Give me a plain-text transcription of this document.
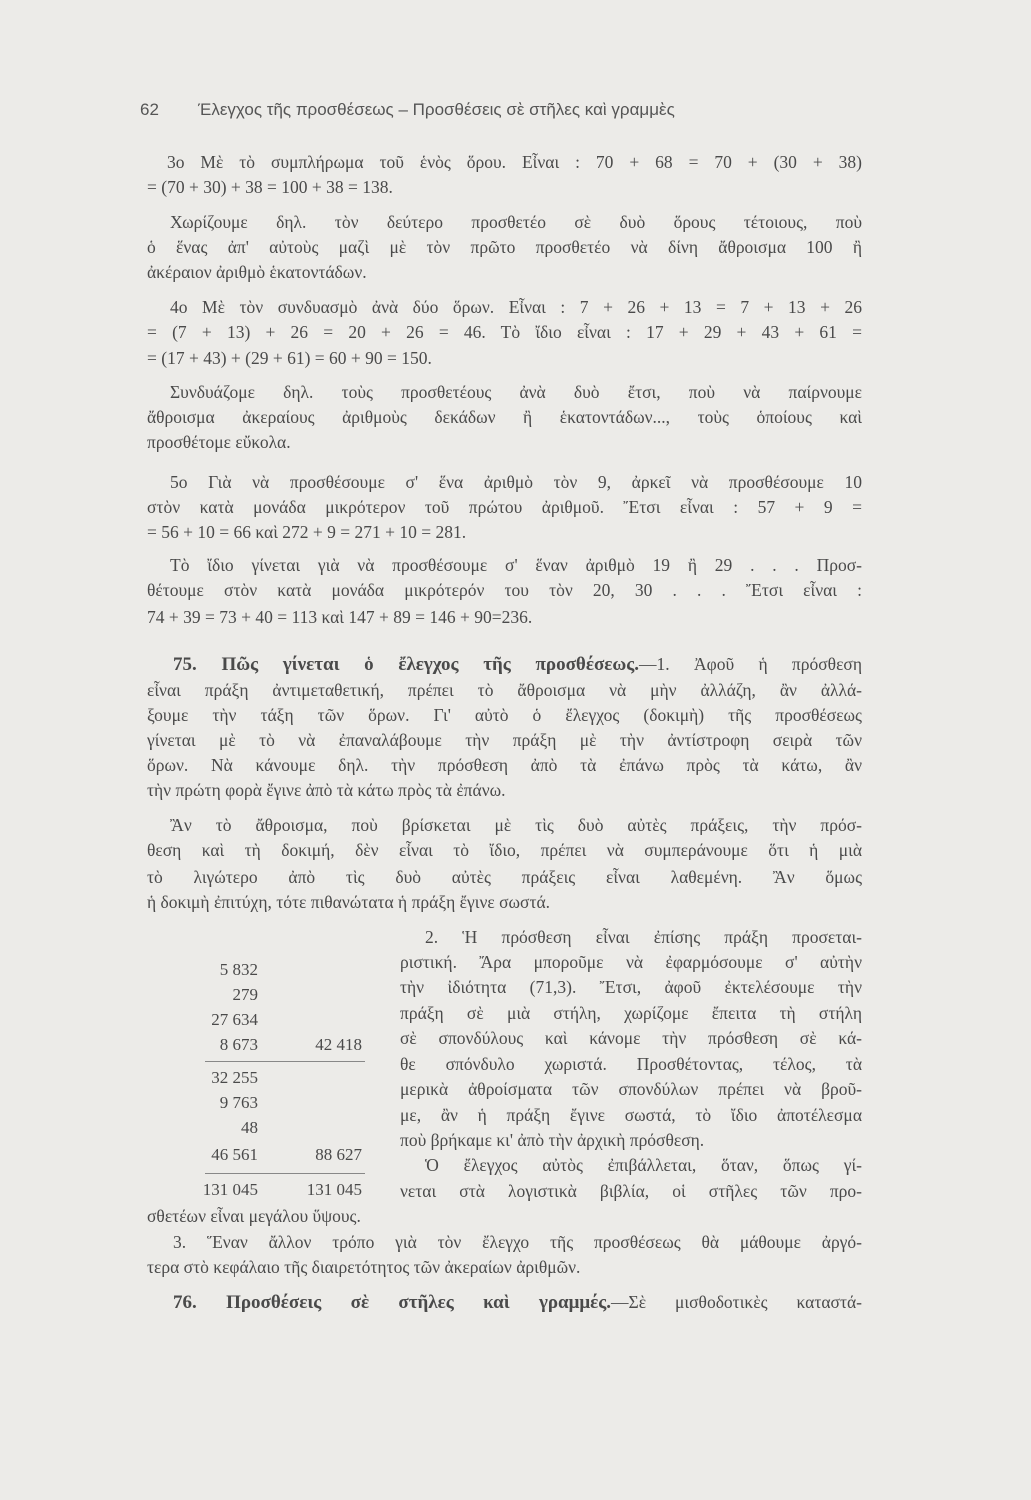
62 Έλεγχος τῆς προσθέσεως – Προσθέσεις σὲ στῆλες καὶ γραμμὲς
75. Πῶς γίνεται ὁ ἔλεγχος τῆς προσθέσεως.—1. Ἀφοῦ ἡ πρόσθεση
76. Προσθέσεις σὲ στῆλες καὶ γραμμές.—Σὲ μισθοδοτικὲς καταστά-
3ο Μὲ τὸ συμπλήρωμα τοῦ ἑνὸς ὅρου. Εἶναι : 70 + 68 = 70 + (30 + 38)
= (70 + 30) + 38 = 100 + 38 = 138.
Χωρίζουμε δηλ. τὸν δεύτερο προσθετέο σὲ δυὸ ὅρους τέτοιους, ποὺ
ὁ ἕνας ἀπ' αὐτοὺς μαζὶ μὲ τὸν πρῶτο προσθετέο νὰ δίνη ἄθροισμα 100 ἢ
ἀκέραιον ἀριθμὸ ἑκατοντάδων.
4ο Μὲ τὸν συνδυασμὸ ἀνὰ δύο ὅρων. Εἶναι : 7 + 26 + 13 = 7 + 13 + 26
= (7 + 13) + 26 = 20 + 26 = 46. Τὸ ἴδιο εἶναι : 17 + 29 + 43 + 61 =
= (17 + 43) + (29 + 61) = 60 + 90 = 150.
Συνδυάζομε δηλ. τοὺς προσθετέους ἀνὰ δυὸ ἔτσι, ποὺ νὰ παίρνουμε
ἄθροισμα ἀκεραίους ἀριθμοὺς δεκάδων ἢ ἑκατοντάδων..., τοὺς ὁποίους καὶ
προσθέτομε εὔκολα.
5ο Γιὰ νὰ προσθέσουμε σ' ἕνα ἀριθμὸ τὸν 9, ἀρκεῖ νὰ προσθέσουμε 10
στὸν κατὰ μονάδα μικρότερον τοῦ πρώτου ἀριθμοῦ. Ἔτσι εἶναι : 57 + 9 =
= 56 + 10 = 66 καὶ 272 + 9 = 271 + 10 = 281.
Τὸ ἴδιο γίνεται γιὰ νὰ προσθέσουμε σ' ἕναν ἀριθμὸ 19 ἢ 29 . . . Προσ-
θέτουμε στὸν κατὰ μονάδα μικρότερόν του τὸν 20, 30 . . . Ἔτσι εἶναι :
74 + 39 = 73 + 40 = 113 καὶ 147 + 89 = 146 + 90=236.
εἶναι πράξη ἀντιμεταθετική, πρέπει τὸ ἄθροισμα νὰ μὴν ἀλλάζη, ἂν ἀλλά-
ξουμε τὴν τάξη τῶν ὅρων. Γι' αὐτὸ ὁ ἔλεγχος (δοκιμὴ) τῆς προσθέσεως
γίνεται μὲ τὸ νὰ ἐπαναλάβουμε τὴν πράξη μὲ τὴν ἀντίστροφη σειρὰ τῶν
ὅρων. Νὰ κάνουμε δηλ. τὴν πρόσθεση ἀπὸ τὰ ἐπάνω πρὸς τὰ κάτω, ἂν
τὴν πρώτη φορὰ ἔγινε ἀπὸ τὰ κάτω πρὸς τὰ ἐπάνω.
Ἂν τὸ ἄθροισμα, ποὺ βρίσκεται μὲ τὶς δυὸ αὐτὲς πράξεις, τὴν πρόσ-
θεση καὶ τὴ δοκιμή, δὲν εἶναι τὸ ἴδιο, πρέπει νὰ συμπεράνουμε ὅτι ἡ μιὰ
τὸ λιγώτερο ἀπὸ τὶς δυὸ αὐτὲς πράξεις εἶναι λαθεμένη. Ἂν ὅμως
ἡ δοκιμὴ ἐπιτύχη, τότε πιθανώτατα ἡ πράξη ἔγινε σωστά.
2. Ἡ πρόσθεση εἶναι ἐπίσης πράξη προσεται-
ριστική. Ἄρα μποροῦμε νὰ ἐφαρμόσουμε σ' αὐτὴν
τὴν ἰδιότητα (71,3). Ἔτσι, ἀφοῦ ἐκτελέσουμε τὴν
πράξη σὲ μιὰ στήλη, χωρίζομε ἔπειτα τὴ στήλη
σὲ σπονδύλους καὶ κάνομε τὴν πρόσθεση σὲ κά-
θε σπόνδυλο χωριστά. Προσθέτοντας, τέλος, τὰ
μερικὰ ἀθροίσματα τῶν σπονδύλων πρέπει νὰ βροῦ-
με, ἂν ἡ πράξη ἔγινε σωστά, τὸ ἴδιο ἀποτέλεσμα
ποὺ βρήκαμε κι' ἀπὸ τὴν ἀρχικὴ πρόσθεση.
Ὁ ἔλεγχος αὐτὸς ἐπιβάλλεται, ὅταν, ὅπως γί-
νεται στὰ λογιστικὰ βιβλία, οἱ στῆλες τῶν προ-
σθετέων εἶναι μεγάλου ὕψους.
3. Ἕναν ἄλλον τρόπο γιὰ τὸν ἔλεγχο τῆς προσθέσεως θὰ μάθουμε ἀργό-
τερα στὸ κεφάλαιο τῆς διαιρετότητος τῶν ἀκεραίων ἀριθμῶν.
5 832
279
27 634
8 673	42 418
32 255
9 763
48
46 561	88 627
131 045	131 045
